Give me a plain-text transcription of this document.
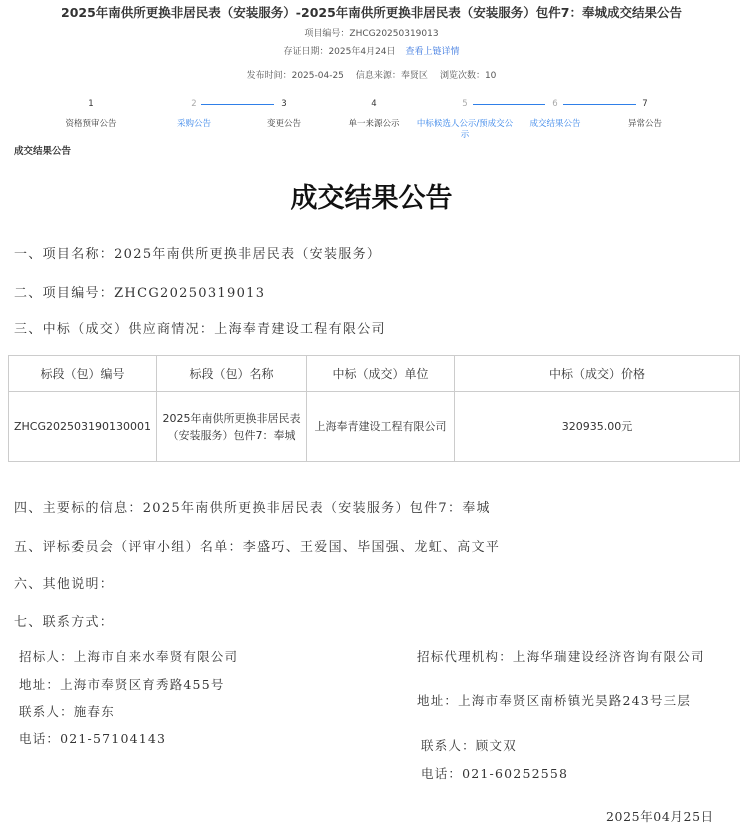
2025年南供所更换非居民表（安装服务）-2025年南供所更换非居民表（安装服务）包件7：奉城成交结果公告
项目编号：ZHCG20250319013
存证日期：2025年4月24日 查看上链详情
发布时间：2025-04-25 信息来源：奉贤区 浏览次数：10
1
资格预审公告
2
采购公告
3
变更公告
4
单一来源公示
5
中标候选人公示/预成交公示
6
成交结果公告
7
异常公告
成交结果公告
成交结果公告
一、项目名称：2025年南供所更换非居民表（安装服务）
二、项目编号：ZHCG20250319013
三、中标（成交）供应商情况：上海奉青建设工程有限公司
标段（包）编号	标段（包）名称	中标（成交）单位	中标（成交）价格
ZHCG202503190130001	2025年南供所更换非居民表（安装服务）包件7：奉城	上海奉青建设工程有限公司	320935.00元
四、主要标的信息：2025年南供所更换非居民表（安装服务）包件7：奉城
五、评标委员会（评审小组）名单：李盛巧、王爱国、毕国强、龙虹、高文平
六、其他说明：
七、联系方式：
招标人：上海市自来水奉贤有限公司
地址：上海市奉贤区育秀路455号
联系人：施春东
电话：021-57104143
招标代理机构：上海华瑞建设经济咨询有限公司
地址：上海市奉贤区南桥镇光昊路243号三层
联系人：顾文双
电话：021-60252558
2025年04月25日
